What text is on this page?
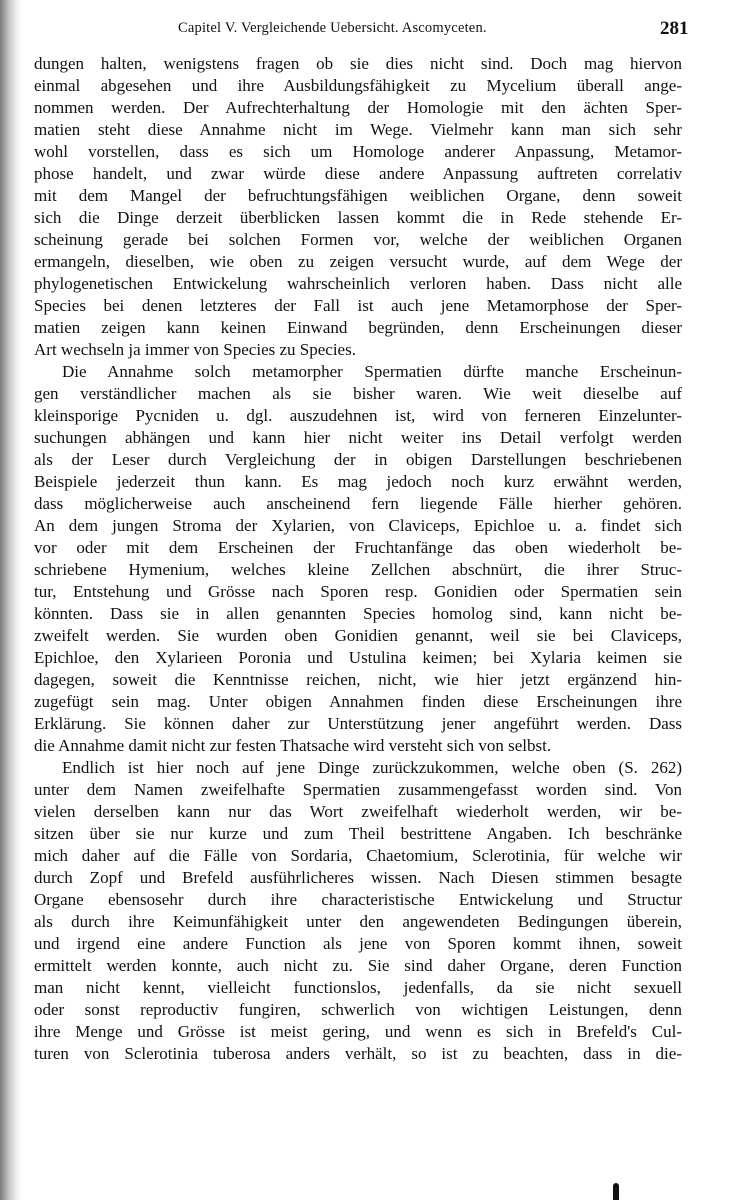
Capitel V. Vergleichende Uebersicht. Ascomyceten.	281
dungen halten, wenigstens fragen ob sie dies nicht sind. Doch mag hiervon
einmal abgesehen und ihre Ausbildungsfähigkeit zu Mycelium überall ange-
nommen werden. Der Aufrechterhaltung der Homologie mit den ächten Sper-
matien steht diese Annahme nicht im Wege. Vielmehr kann man sich sehr
wohl vorstellen, dass es sich um Homologe anderer Anpassung, Metamor-
phose handelt, und zwar würde diese andere Anpassung auftreten correlativ
mit dem Mangel der befruchtungsfähigen weiblichen Organe, denn soweit
sich die Dinge derzeit überblicken lassen kommt die in Rede stehende Er-
scheinung gerade bei solchen Formen vor, welche der weiblichen Organen
ermangeln, dieselben, wie oben zu zeigen versucht wurde, auf dem Wege der
phylogenetischen Entwickelung wahrscheinlich verloren haben. Dass nicht alle
Species bei denen letzteres der Fall ist auch jene Metamorphose der Sper-
matien zeigen kann keinen Einwand begründen, denn Erscheinungen dieser
Art wechseln ja immer von Species zu Species.
Die Annahme solch metamorpher Spermatien dürfte manche Erscheinun-
gen verständlicher machen als sie bisher waren. Wie weit dieselbe auf
kleinsporige Pycniden u. dgl. auszudehnen ist, wird von ferneren Einzelunter-
suchungen abhängen und kann hier nicht weiter ins Detail verfolgt werden
als der Leser durch Vergleichung der in obigen Darstellungen beschriebenen
Beispiele jederzeit thun kann. Es mag jedoch noch kurz erwähnt werden,
dass möglicherweise auch anscheinend fern liegende Fälle hierher gehören.
An dem jungen Stroma der Xylarien, von Claviceps, Epichloe u. a. findet sich
vor oder mit dem Erscheinen der Fruchtanfänge das oben wiederholt be-
schriebene Hymenium, welches kleine Zellchen abschnürt, die ihrer Struc-
tur, Entstehung und Grösse nach Sporen resp. Gonidien oder Spermatien sein
könnten. Dass sie in allen genannten Species homolog sind, kann nicht be-
zweifelt werden. Sie wurden oben Gonidien genannt, weil sie bei Claviceps,
Epichloe, den Xylarieen Poronia und Ustulina keimen; bei Xylaria keimen sie
dagegen, soweit die Kenntnisse reichen, nicht, wie hier jetzt ergänzend hin-
zugefügt sein mag. Unter obigen Annahmen finden diese Erscheinungen ihre
Erklärung. Sie können daher zur Unterstützung jener angeführt werden. Dass
die Annahme damit nicht zur festen Thatsache wird versteht sich von selbst.
Endlich ist hier noch auf jene Dinge zurückzukommen, welche oben (S. 262)
unter dem Namen zweifelhafte Spermatien zusammengefasst worden sind. Von
vielen derselben kann nur das Wort zweifelhaft wiederholt werden, wir be-
sitzen über sie nur kurze und zum Theil bestrittene Angaben. Ich beschränke
mich daher auf die Fälle von Sordaria, Chaetomium, Sclerotinia, für welche wir
durch Zopf und Brefeld ausführlicheres wissen. Nach Diesen stimmen besagte
Organe ebensosehr durch ihre characteristische Entwickelung und Structur
als durch ihre Keimunfähigkeit unter den angewendeten Bedingungen überein,
und irgend eine andere Function als jene von Sporen kommt ihnen, soweit
ermittelt werden konnte, auch nicht zu. Sie sind daher Organe, deren Function
man nicht kennt, vielleicht functionslos, jedenfalls, da sie nicht sexuell
oder sonst reproductiv fungiren, schwerlich von wichtigen Leistungen, denn
ihre Menge und Grösse ist meist gering, und wenn es sich in Brefeld's Cul-
turen von Sclerotinia tuberosa anders verhält, so ist zu beachten, dass in die-
